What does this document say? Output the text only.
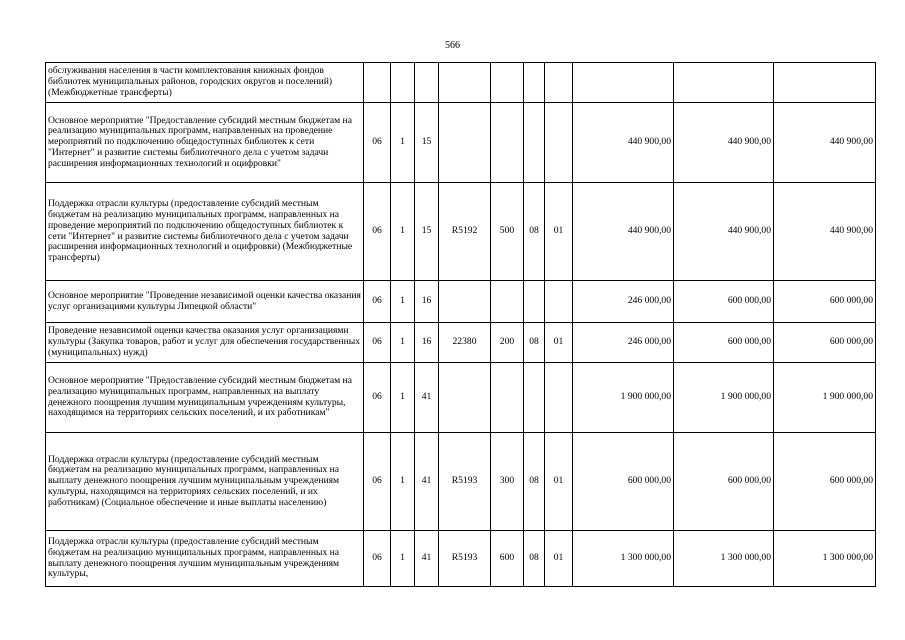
566
обслуживания населения в части комплектования книжных фондов библиотек муниципальных районов, городских округов и поселений) (Межбюджетные трансферты)										
Основное мероприятие "Предоставление субсидий местным бюджетам на реализацию муниципальных программ, направленных на проведение мероприятий по подключению общедоступных библиотек к сети "Интернет" и развитие системы библиотечного дела с учетом задачи расширения информационных технологий и оцифровки"	06	1	15					440 900,00	440 900,00	440 900,00
Поддержка отрасли культуры (предоставление субсидий местным бюджетам на реализацию муниципальных программ, направленных на проведение мероприятий по подключению общедоступных библиотек к сети "Интернет" и развитие системы библиотечного дела с учетом задачи расширения информационных технологий и оцифровки) (Межбюджетные трансферты)	06	1	15	R5192	500	08	01	440 900,00	440 900,00	440 900,00
Основное мероприятие "Проведение независимой оценки качества оказания услуг организациями культуры Липецкой области"	06	1	16					246 000,00	600 000,00	600 000,00
Проведение независимой оценки качества оказания услуг организациями культуры (Закупка товаров, работ и услуг для обеспечения государственных (муниципальных) нужд)	06	1	16	22380	200	08	01	246 000,00	600 000,00	600 000,00
Основное мероприятие "Предоставление субсидий местным бюджетам на реализацию муниципальных программ, направленных на выплату денежного поощрения лучшим муниципальным учреждениям культуры, находящимся на территориях сельских поселений, и их работникам"	06	1	41					1 900 000,00	1 900 000,00	1 900 000,00
Поддержка отрасли культуры (предоставление субсидий местным бюджетам на реализацию муниципальных программ, направленных на выплату денежного поощрения лучшим муниципальным учреждениям культуры, находящимся на территориях сельских поселений, и их работникам) (Социальное обеспечение и иные выплаты населению)	06	1	41	R5193	300	08	01	600 000,00	600 000,00	600 000,00
Поддержка отрасли культуры (предоставление субсидий местным бюджетам на реализацию муниципальных программ, направленных на выплату денежного поощрения лучшим муниципальным учреждениям культуры,	06	1	41	R5193	600	08	01	1 300 000,00	1 300 000,00	1 300 000,00
